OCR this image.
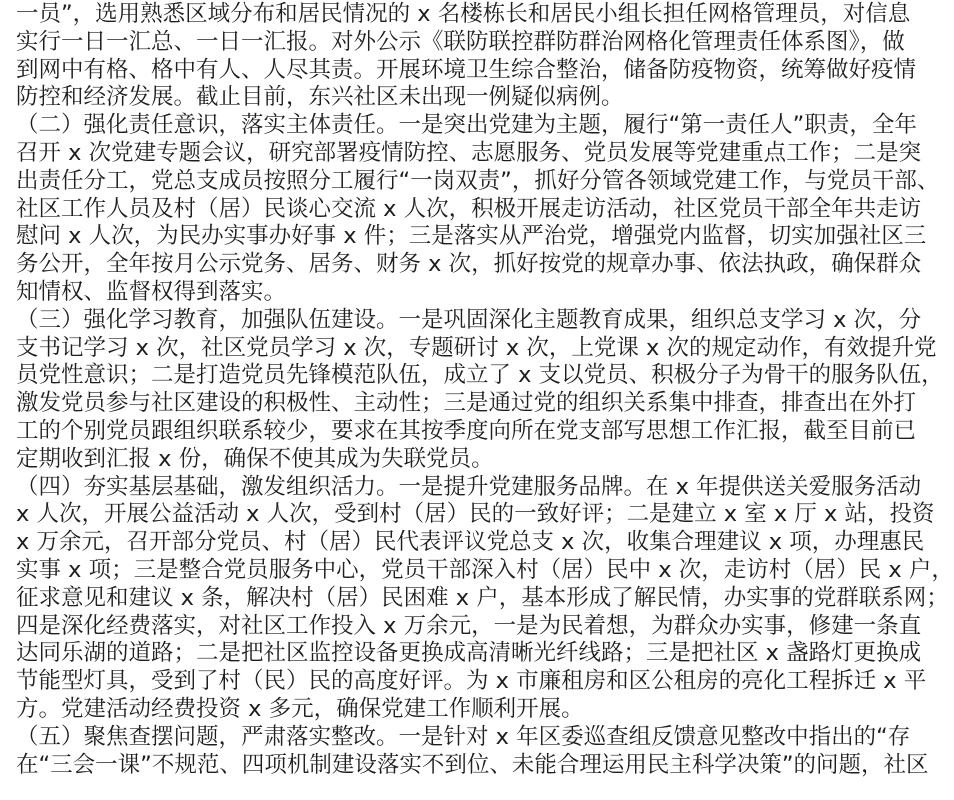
一员”，选用熟悉区域分布和居民情况的 x 名楼栋长和居民小组长担任网格管理员，对信息
实行一日一汇总、一日一汇报。对外公示《联防联控群防群治网格化管理责任体系图》，做
到网中有格、格中有人、人尽其责。开展环境卫生综合整治，储备防疫物资，统筹做好疫情
防控和经济发展。截止目前，东兴社区未出现一例疑似病例。
（二）强化责任意识，落实主体责任。一是突出党建为主题，履行“第一责任人”职责，全年
召开 x 次党建专题会议，研究部署疫情防控、志愿服务、党员发展等党建重点工作；二是突
出责任分工，党总支成员按照分工履行“一岗双责”，抓好分管各领域党建工作，与党员干部、
社区工作人员及村（居）民谈心交流 x 人次，积极开展走访活动，社区党员干部全年共走访
慰问 x 人次，为民办实事办好事 x 件；三是落实从严治党，增强党内监督，切实加强社区三
务公开，全年按月公示党务、居务、财务 x 次，抓好按党的规章办事、依法执政，确保群众
知情权、监督权得到落实。
（三）强化学习教育，加强队伍建设。一是巩固深化主题教育成果，组织总支学习 x 次，分
支书记学习 x 次，社区党员学习 x 次，专题研讨 x 次，上党课 x 次的规定动作，有效提升党
员党性意识；二是打造党员先锋模范队伍，成立了 x 支以党员、积极分子为骨干的服务队伍，
激发党员参与社区建设的积极性、主动性；三是通过党的组织关系集中排查，排查出在外打
工的个别党员跟组织联系较少，要求在其按季度向所在党支部写思想工作汇报，截至目前已
定期收到汇报 x 份，确保不使其成为失联党员。
（四）夯实基层基础，激发组织活力。一是提升党建服务品牌。在 x 年提供送关爱服务活动
x 人次，开展公益活动 x 人次，受到村（居）民的一致好评；二是建立 x 室 x 厅 x 站，投资
x 万余元，召开部分党员、村（居）民代表评议党总支 x 次，收集合理建议 x 项，办理惠民
实事 x 项；三是整合党员服务中心，党员干部深入村（居）民中 x 次，走访村（居）民 x 户，
征求意见和建议 x 条，解决村（居）民困难 x 户，基本形成了解民情，办实事的党群联系网；
四是深化经费落实，对社区工作投入 x 万余元，一是为民着想，为群众办实事，修建一条直
达同乐湖的道路；二是把社区监控设备更换成高清晰光纤线路；三是把社区 x 盏路灯更换成
节能型灯具，受到了村（民）民的高度好评。为 x 市廉租房和区公租房的亮化工程拆迁 x 平
方。党建活动经费投资 x 多元，确保党建工作顺利开展。
（五）聚焦查摆问题，严肃落实整改。一是针对 x 年区委巡查组反馈意见整改中指出的“存
在“三会一课”不规范、四项机制建设落实不到位、未能合理运用民主科学决策”的问题，社区
